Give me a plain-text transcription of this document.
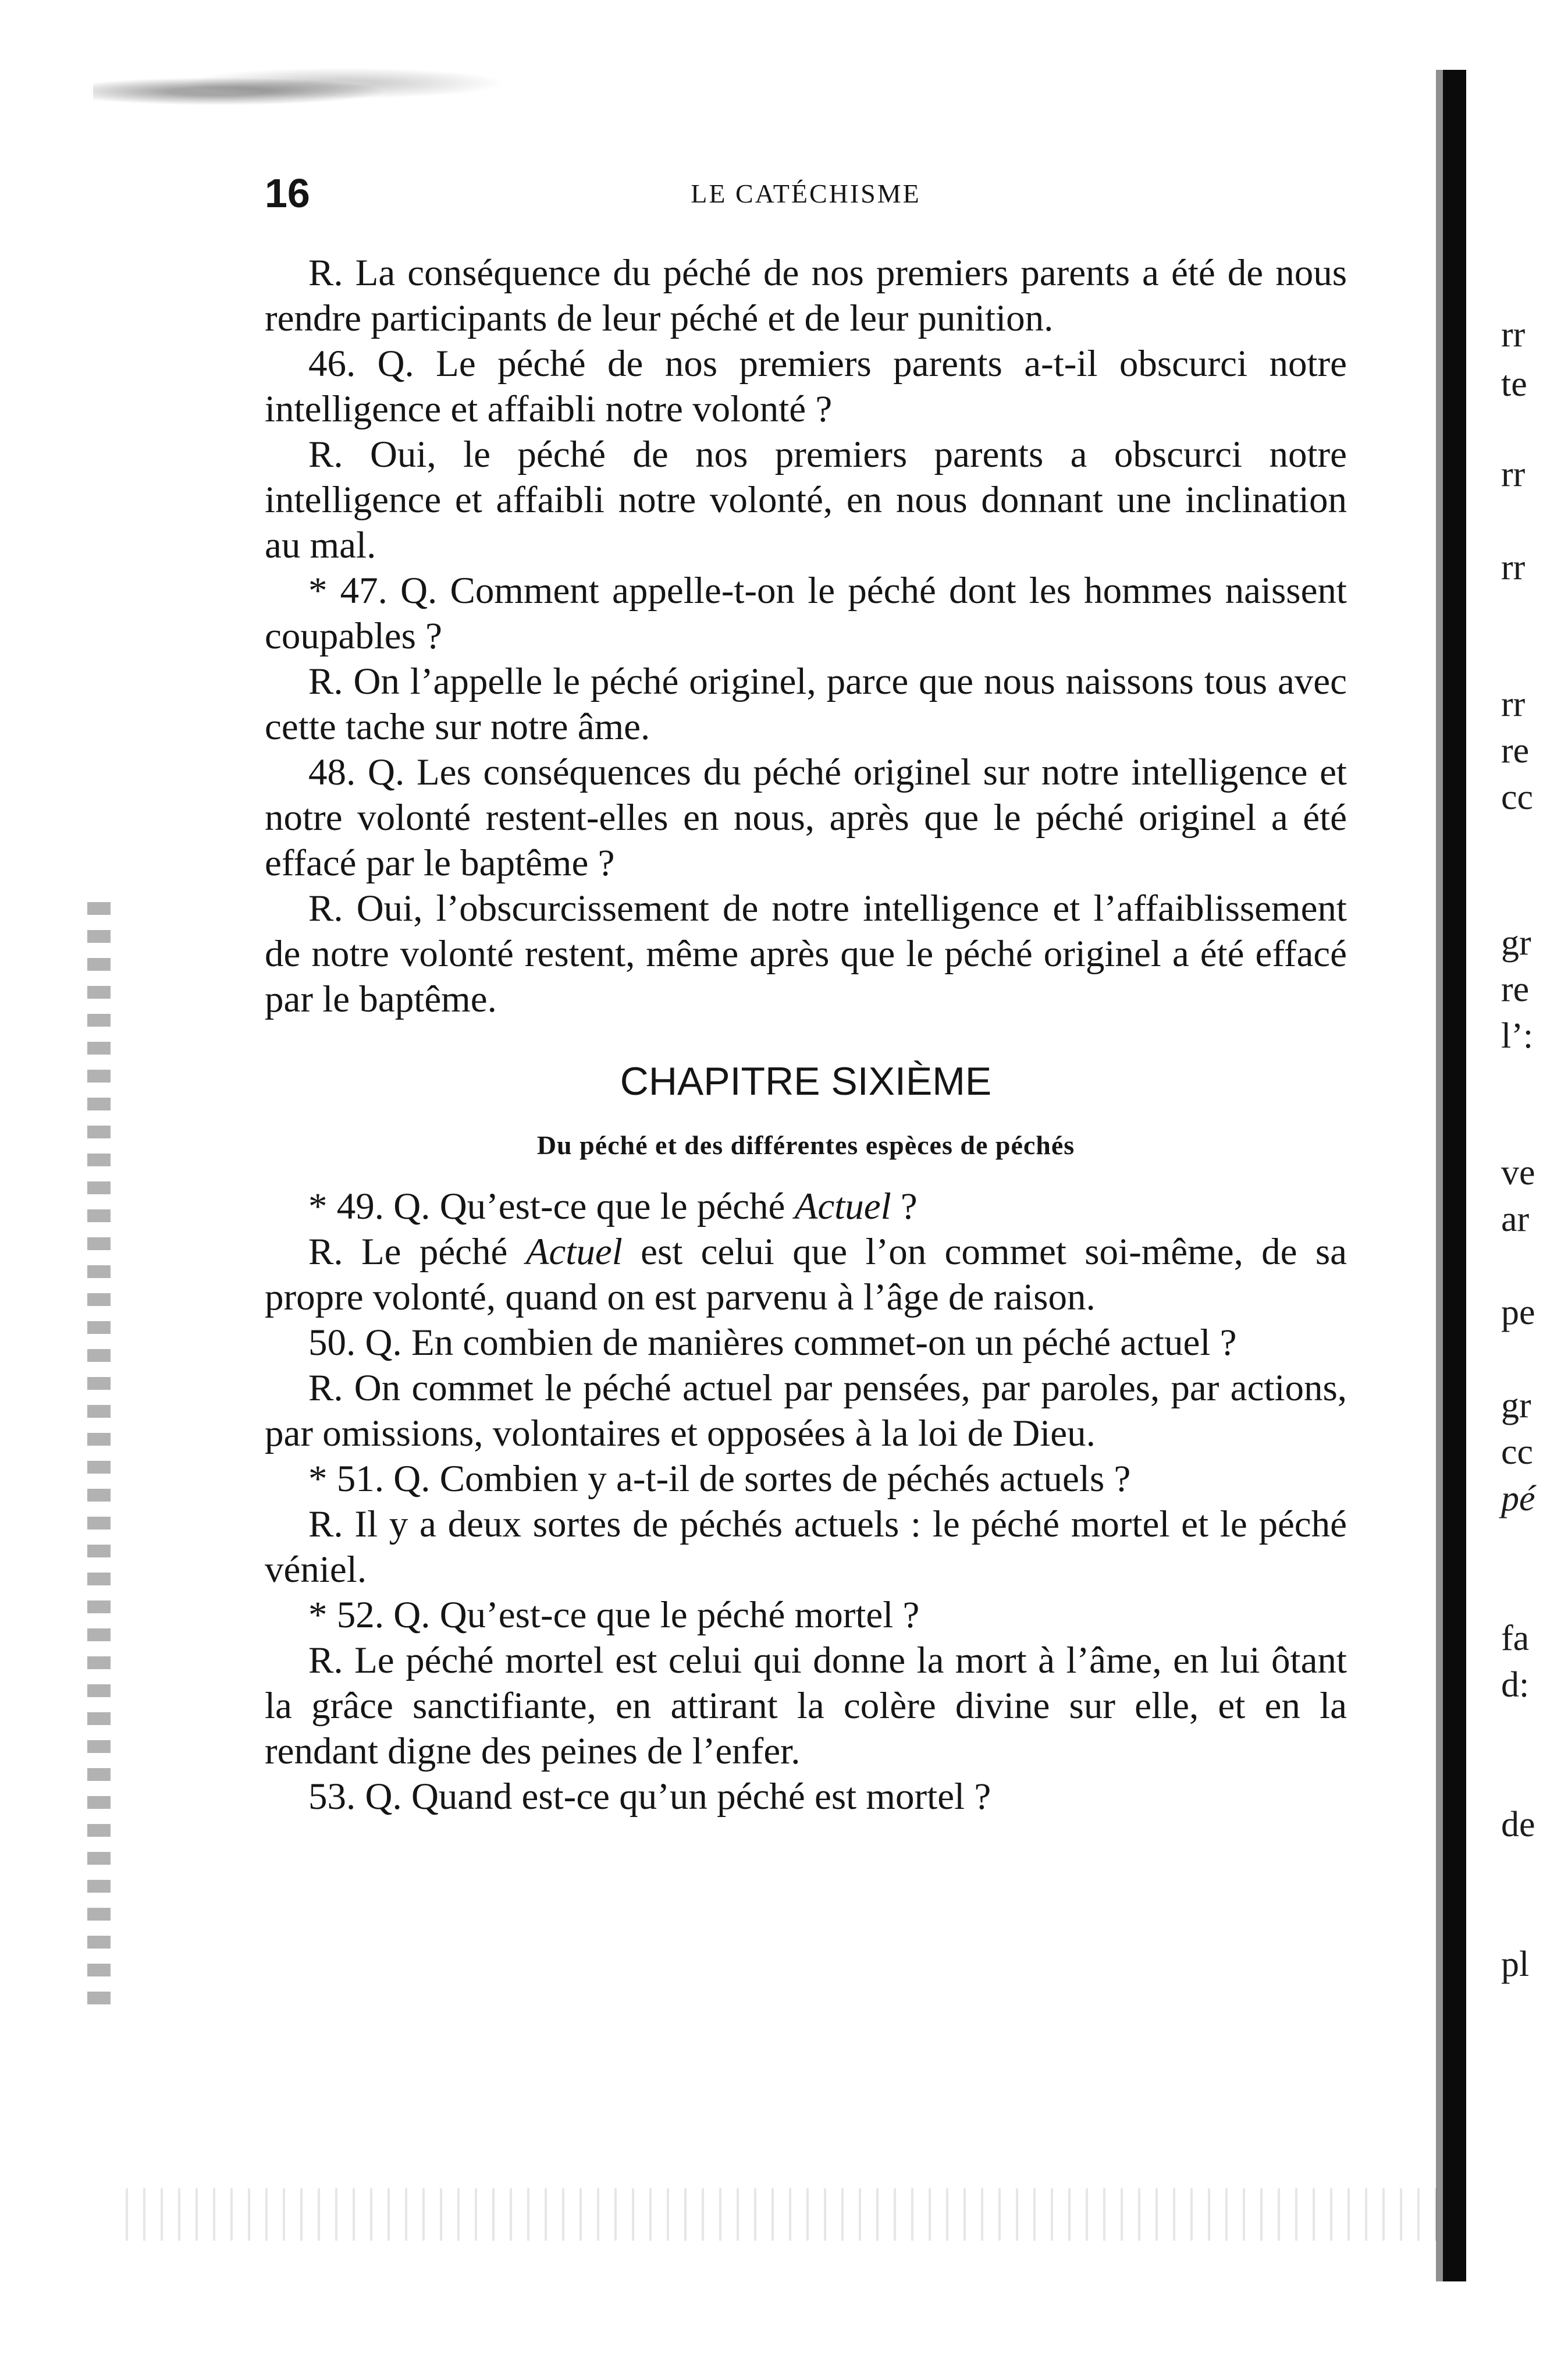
16	LE CATÉCHISME

R. La conséquence du péché de nos premiers parents a été de nous rendre participants de leur péché et de leur punition.

46. Q. Le péché de nos premiers parents a-t-il obscurci notre intelligence et affaibli notre volonté ?

R. Oui, le péché de nos premiers parents a obscurci notre intelligence et affaibli notre volonté, en nous donnant une inclination au mal.

* 47. Q. Comment appelle-t-on le péché dont les hommes naissent coupables ?

R. On l’appelle le péché originel, parce que nous naissons tous avec cette tache sur notre âme.

48. Q. Les conséquences du péché originel sur notre intelligence et notre volonté restent-elles en nous, après que le péché originel a été effacé par le baptême ?

R. Oui, l’obscurcissement de notre intelligence et l’affaiblissement de notre volonté restent, même après que le péché originel a été effacé par le baptême.

CHAPITRE SIXIÈME
Du péché et des différentes espèces de péchés

* 49. Q. Qu’est-ce que le péché Actuel ?

R. Le péché Actuel est celui que l’on commet soi-même, de sa propre volonté, quand on est parvenu à l’âge de raison.

50. Q. En combien de manières commet-on un péché actuel ?

R. On commet le péché actuel par pensées, par paroles, par actions, par omissions, volontaires et opposées à la loi de Dieu.

* 51. Q. Combien y a-t-il de sortes de péchés actuels ?

R. Il y a deux sortes de péchés actuels : le péché mortel et le péché véniel.

* 52. Q. Qu’est-ce que le péché mortel ?

R. Le péché mortel est celui qui donne la mort à l’âme, en lui ôtant la grâce sanctifiante, en attirant la colère divine sur elle, et en la rendant digne des peines de l’enfer.

53. Q. Quand est-ce qu’un péché est mortel ?

rr
te
rr
rr
rr
re
cc
gr
re
l’:
ve
ar
pe
gr
cc
pé
fa
d:
de
pl
